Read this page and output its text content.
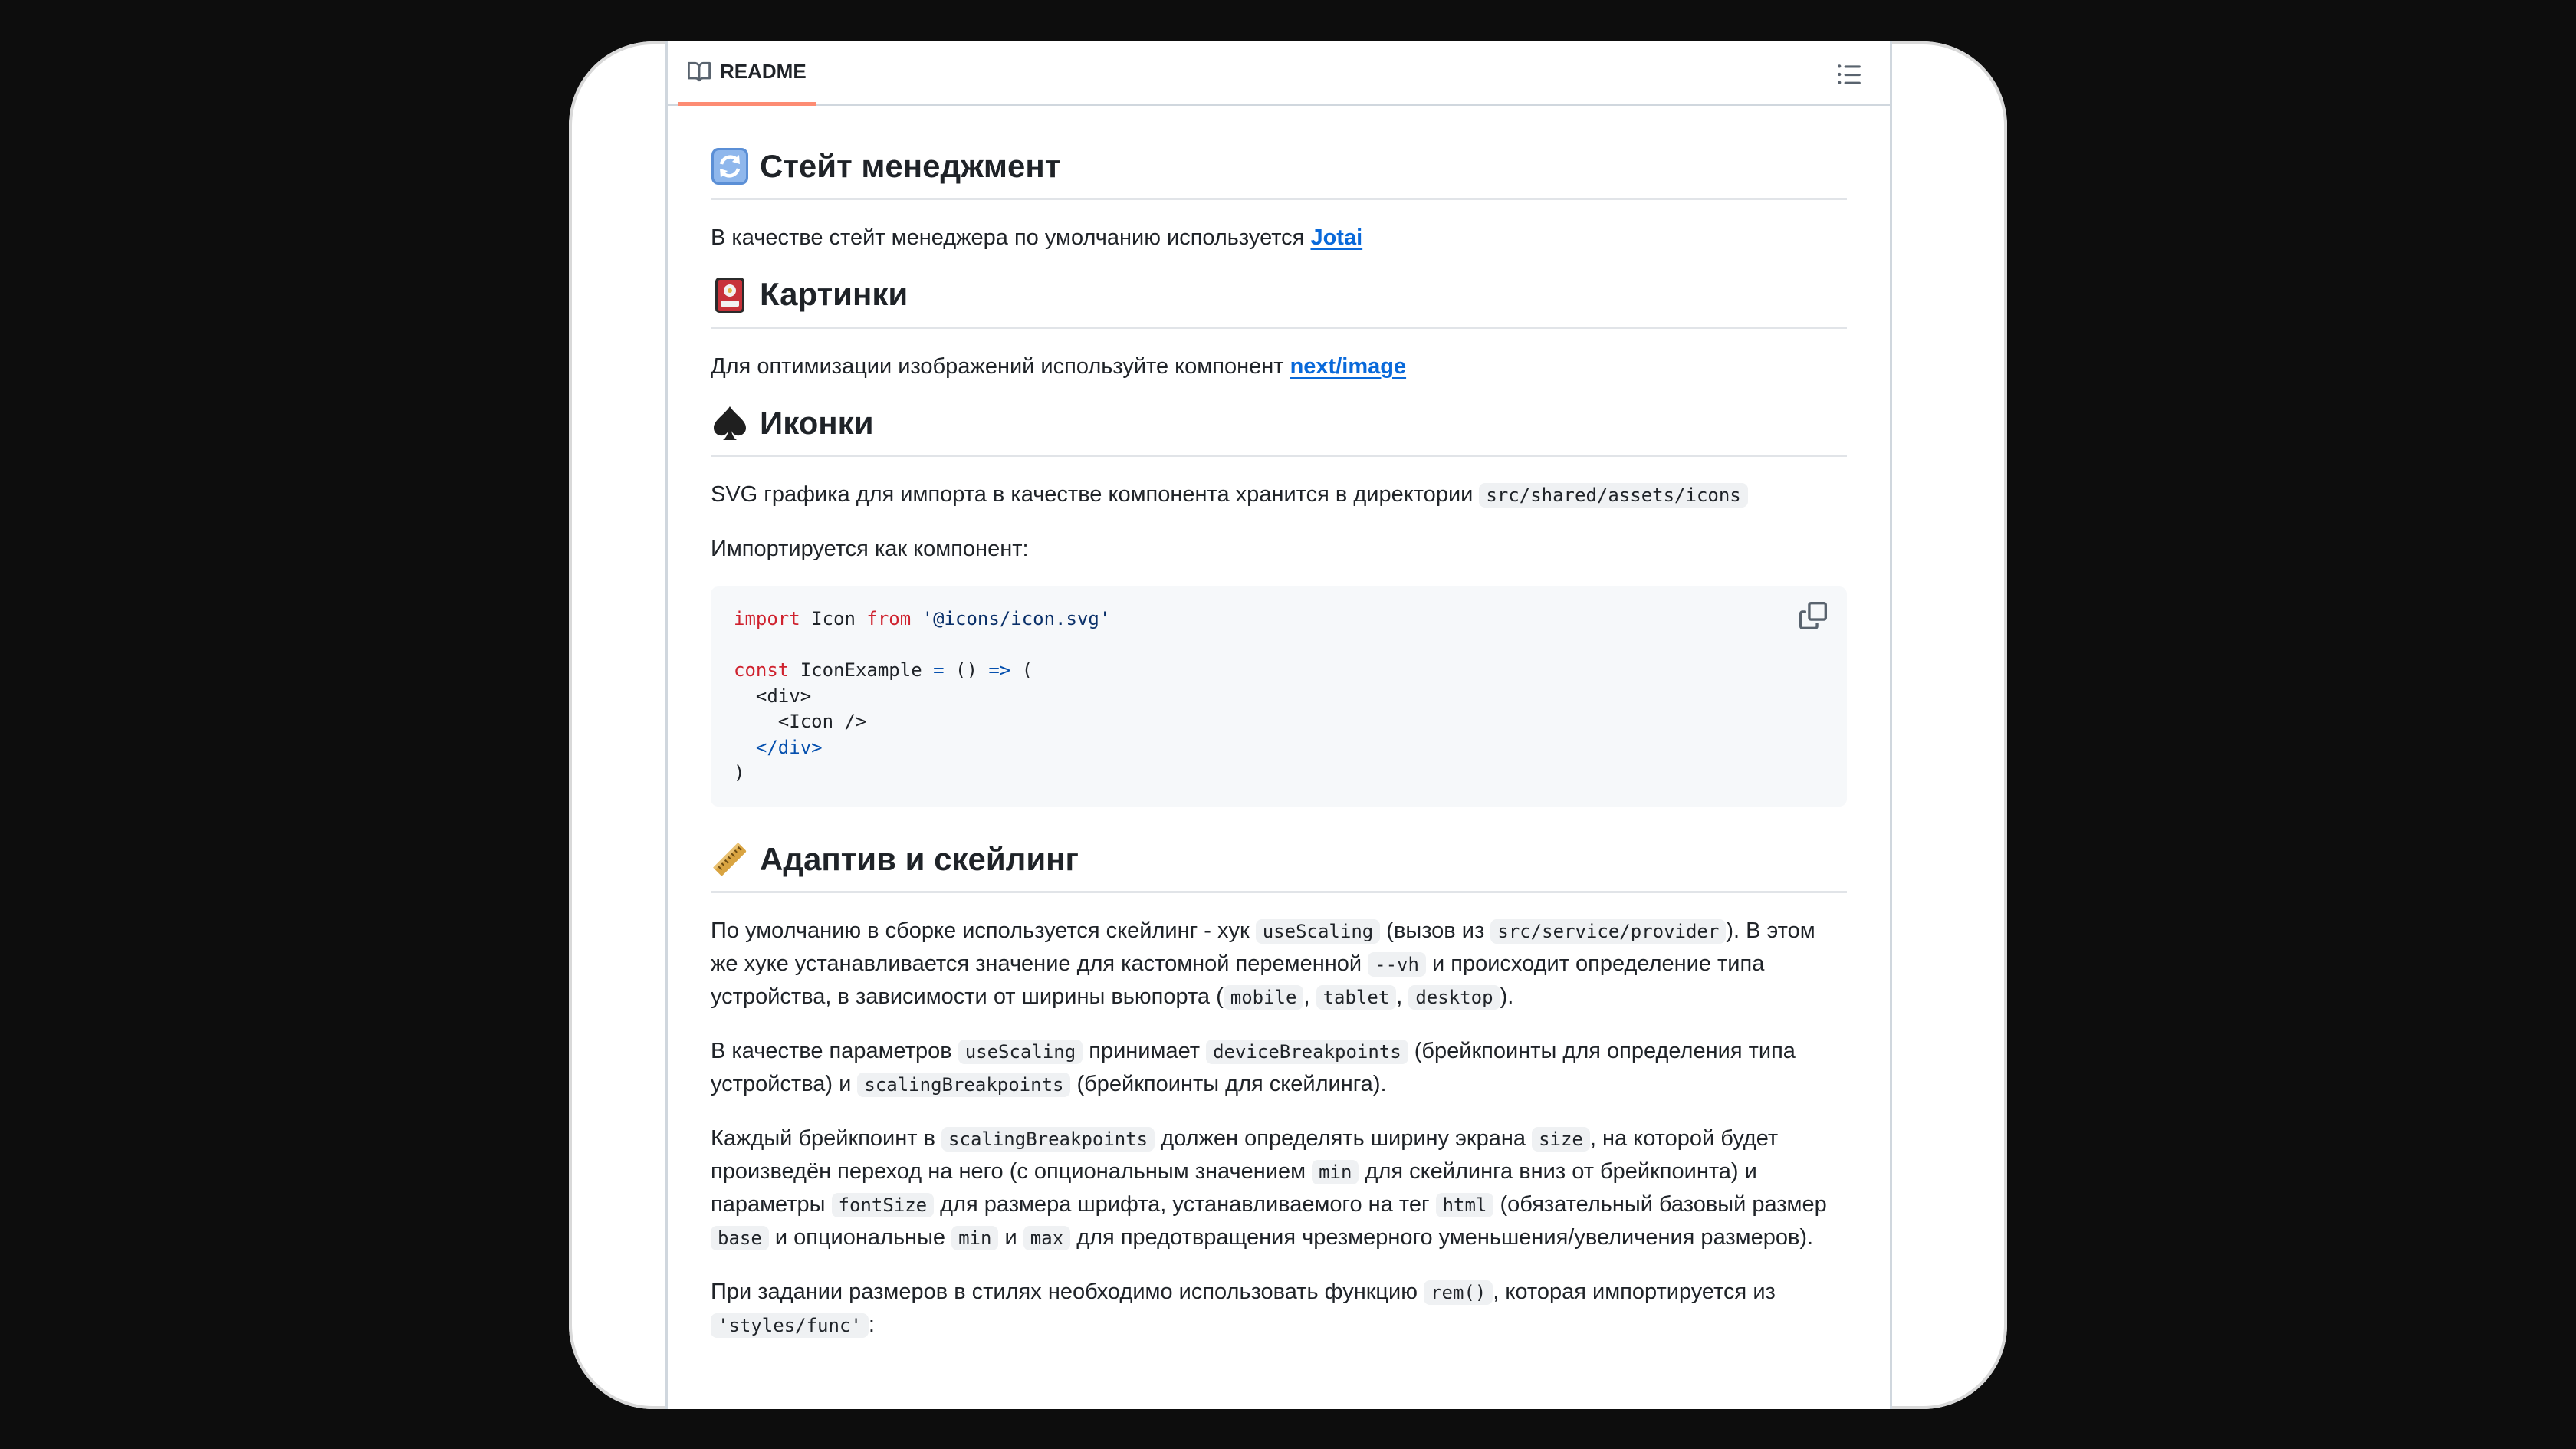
README
Стейт менеджмент

В качестве стейт менеджера по умолчанию используется Jotai

Картинки

Для оптимизации изображений используйте компонент next/image

Иконки

SVG графика для импорта в качестве компонента хранится в директории src/shared/assets/icons

Импортируется как компонент:

import Icon from '@icons/icon.svg'

const IconExample = () => (
<div>
<Icon />
</div>
)
Адаптив и скейлинг

По умолчанию в сборке используется скейлинг - хук useScaling (вызов из src/service/provider ). В этом же хуке устанавливается значение для кастомной переменной --vh и происходит определение типа устройства, в зависимости от ширины вьюпорта ( mobile , tablet , desktop ).

В качестве параметров useScaling принимает deviceBreakpoints (брейкпоинты для определения типа устройства) и scalingBreakpoints (брейкпоинты для скейлинга).

Каждый брейкпоинт в scalingBreakpoints должен определять ширину экрана size , на которой будет произведён переход на него (с опциональным значением min для скейлинга вниз от брейкпоинта) и параметры fontSize для размера шрифта, устанавливаемого на тег html (обязательный базовый размер base и опциональные min и max для предотвращения чрезмерного уменьшения/увеличения размеров).

При задании размеров в стилях необходимо использовать функцию rem() , которая импортируется из 'styles/func' :
